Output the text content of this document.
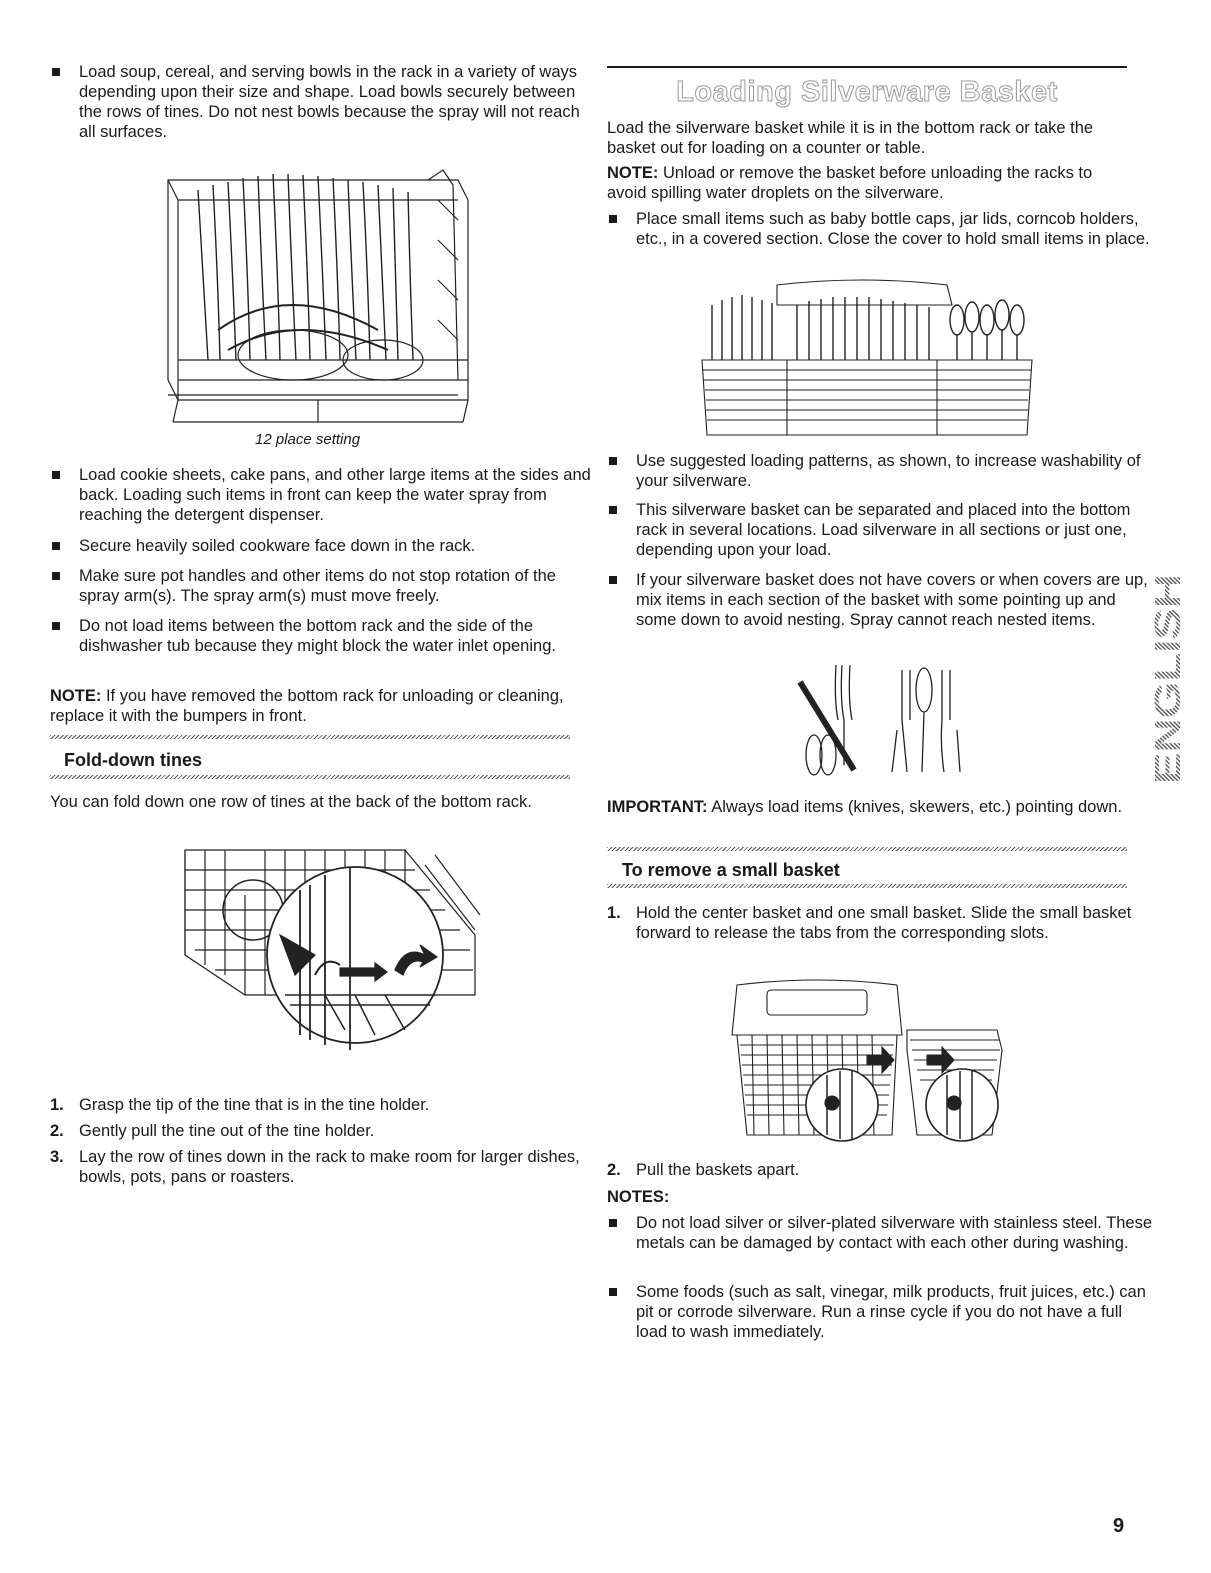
Load soup, cereal, and serving bowls in the rack in a variety of ways depending upon their size and shape. Load bowls securely between the rows of tines. Do not nest bowls because the spray will not reach all surfaces.
12 place setting
Load cookie sheets, cake pans, and other large items at the sides and back. Loading such items in front can keep the water spray from reaching the detergent dispenser.
Secure heavily soiled cookware face down in the rack.
Make sure pot handles and other items do not stop rotation of the spray arm(s). The spray arm(s) must move freely.
Do not load items between the bottom rack and the side of the dishwasher tub because they might block the water inlet opening.

NOTE: If you have removed the bottom rack for unloading or cleaning, replace it with the bumpers in front.

Fold-down tines

You can fold down one row of tines at the back of the bottom rack.

1. Grasp the tip of the tine that is in the tine holder.
2. Gently pull the tine out of the tine holder.
3. Lay the row of tines down in the rack to make room for larger dishes, bowls, pots, pans or roasters.
Loading Silverware Basket

Load the silverware basket while it is in the bottom rack or take the basket out for loading on a counter or table.

NOTE: Unload or remove the basket before unloading the racks to avoid spilling water droplets on the silverware.

Place small items such as baby bottle caps, jar lids, corncob holders, etc., in a covered section. Close the cover to hold small items in place.
Use suggested loading patterns, as shown, to increase washability of your silverware.
This silverware basket can be separated and placed into the bottom rack in several locations. Load silverware in all sections or just one, depending upon your load.
If your silverware basket does not have covers or when covers are up, mix items in each section of the basket with some pointing up and some down to avoid nesting. Spray cannot reach nested items.

IMPORTANT: Always load items (knives, skewers, etc.) pointing down.

To remove a small basket
1. Hold the center basket and one small basket. Slide the small basket forward to release the tabs from the corresponding slots.
2. Pull the baskets apart.

NOTES:

Do not load silver or silver-plated silverware with stainless steel. These metals can be damaged by contact with each other during washing.
Some foods (such as salt, vinegar, milk products, fruit juices, etc.) can pit or corrode silverware. Run a rinse cycle if you do not have a full load to wash immediately.
ENGLISH
9
